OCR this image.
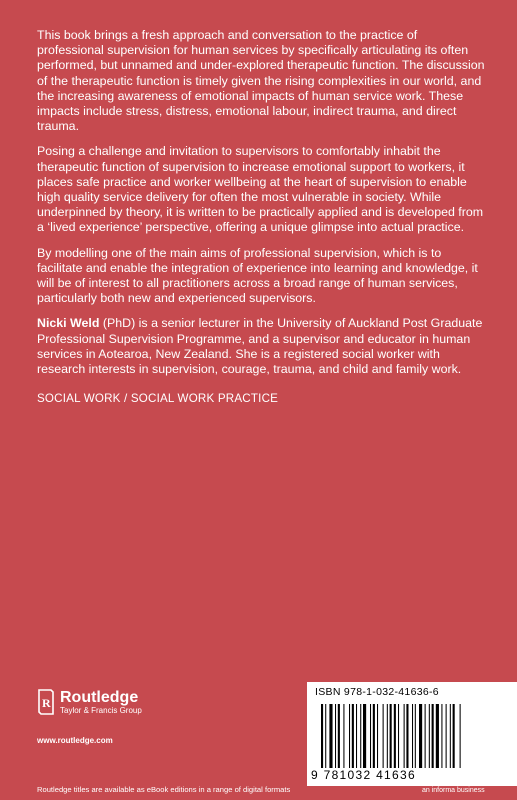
This book brings a fresh approach and conversation to the practice of professional supervision for human services by specifically articulating its often performed, but unnamed and under-explored therapeutic function. The discussion of the therapeutic function is timely given the rising complexities in our world, and the increasing awareness of emotional impacts of human service work. These impacts include stress, distress, emotional labour, indirect trauma, and direct trauma.

Posing a challenge and invitation to supervisors to comfortably inhabit the therapeutic function of supervision to increase emotional support to workers, it places safe practice and worker wellbeing at the heart of supervision to enable high quality service delivery for often the most vulnerable in society. While underpinned by theory, it is written to be practically applied and is developed from a ‘lived experience’ perspective, offering a unique glimpse into actual practice.

By modelling one of the main aims of professional supervision, which is to facilitate and enable the integration of experience into learning and knowledge, it will be of interest to all practitioners across a broad range of human services, particularly both new and experienced supervisors.

Nicki Weld (PhD) is a senior lecturer in the University of Auckland Post Graduate Professional Supervision Programme, and a supervisor and educator in human services in Aotearoa, New Zealand. She is a registered social worker with research interests in supervision, courage, trauma, and child and family work.

SOCIAL WORK / SOCIAL WORK PRACTICE

R Routledge
Taylor & Francis Group
www.routledge.com
Routledge titles are available as eBook editions in a range of digital formats
ISBN 978-1-032-41636-6
9 781032 41636
an informa business
